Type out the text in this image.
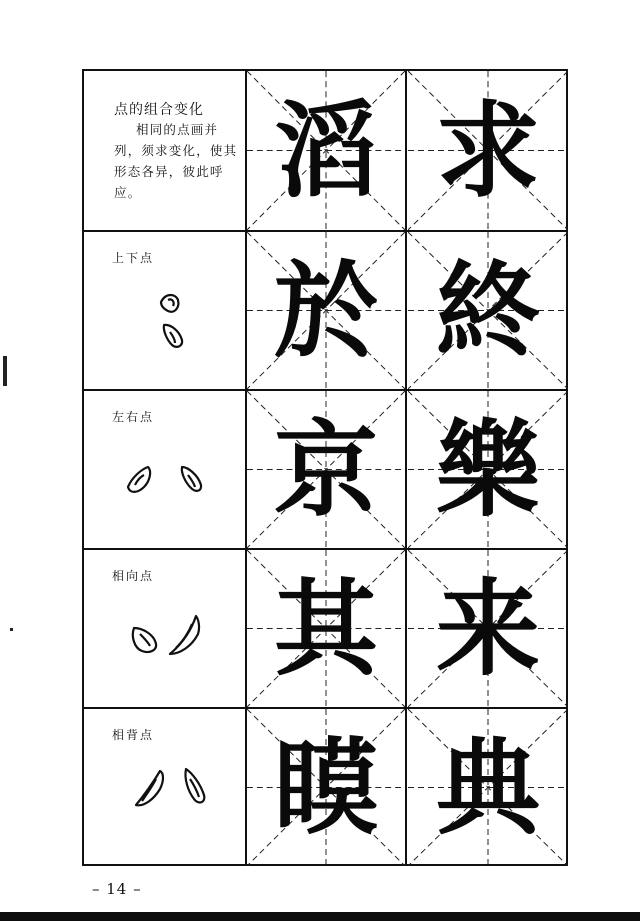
点的组合变化
相同的点画并列，须求变化，使其形态各异，彼此呼应。	滔 求
上下点 於 終
左右点 京 樂
相向点 其 来
相背点 瞙 典
– 14 –
